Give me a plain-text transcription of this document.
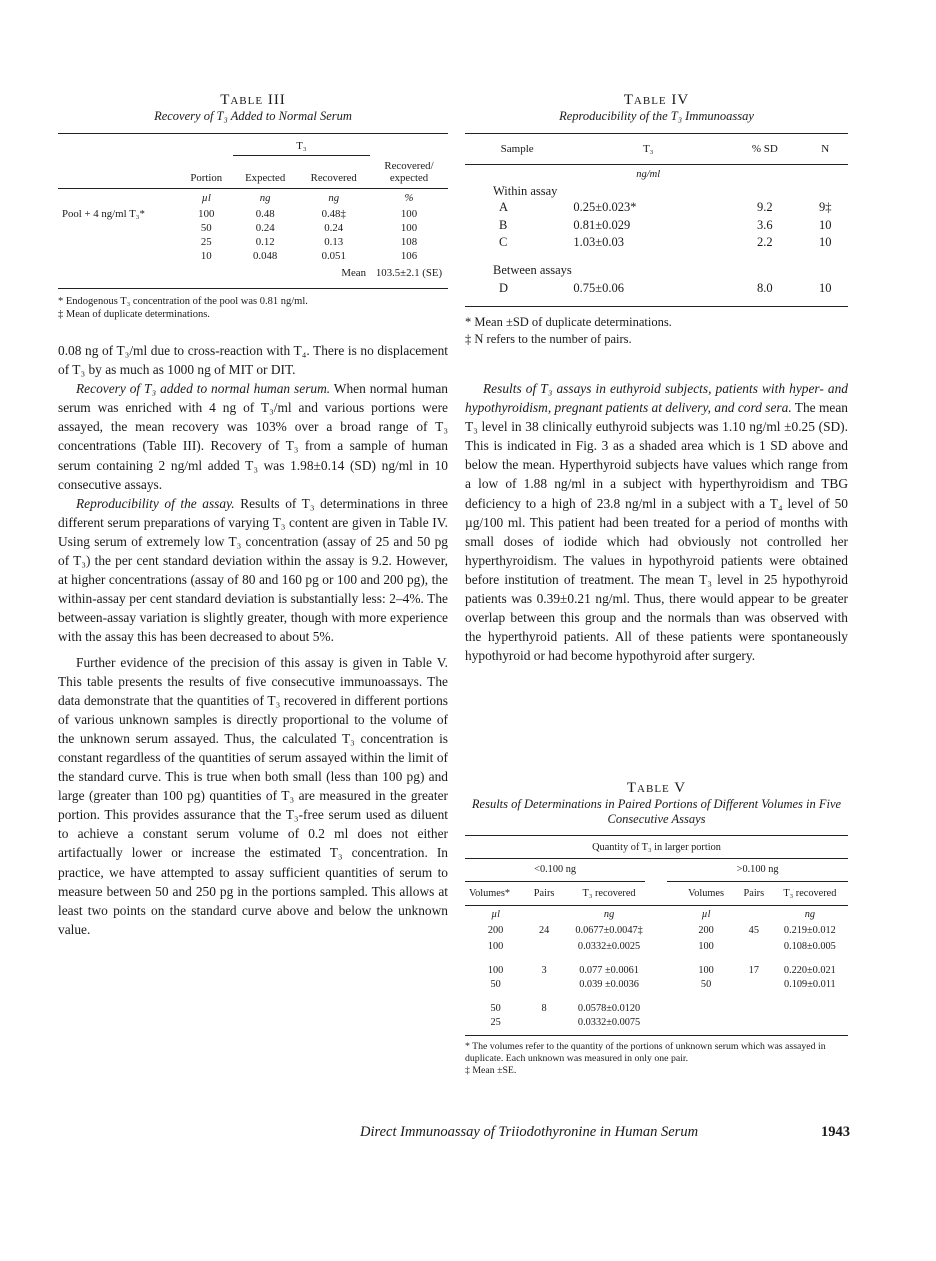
Table III
Recovery of T₃ Added to Normal Serum
		T₃		
	Portion	Expected	Recovered	Recovered/ expected

	µl	ng	ng	%
Pool + 4 ng/ml T₃*	100	0.48	0.48‡	100
	50	0.24	0.24	100
	25	0.12	0.13	108
	10	0.048	0.051	106
			Mean	103.5±2.1 (SE)

* Endogenous T₃ concentration of the pool was 0.81 ng/ml.
‡ Mean of duplicate determinations.
Table IV
Reproducibility of the T₃ Immunoassay
Sample	T₃	% SD	N

	ng/ml		
Within assay			
A	0.25±0.023*	9.2	9‡
B	0.81±0.029	3.6	10
C	1.03±0.03	2.2	10
Between assays			
D	0.75±0.06	8.0	10

* Mean ±SD of duplicate determinations.
‡ N refers to the number of pairs.

0.08 ng of T₃/ml due to cross-reaction with T₄. There is no displacement of T₃ by as much as 1000 ng of MIT or DIT.

Recovery of T₃ added to normal human serum. When normal human serum was enriched with 4 ng of T₃/ml and various portions were assayed, the mean recovery was 103% over a broad range of T₃ concentrations (Table III). Recovery of T₃ from a sample of human serum containing 2 ng/ml added T₃ was 1.98±0.14 (SD) ng/ml in 10 consecutive assays.

Reproducibility of the assay. Results of T₃ determinations in three different serum preparations of varying T₃ content are given in Table IV. Using serum of extremely low T₃ concentration (assay of 25 and 50 pg of T₃) the per cent standard deviation within the assay is 9.2. However, at higher concentrations (assay of 80 and 160 pg or 100 and 200 pg), the within-assay per cent standard deviation is substantially less: 2–4%. The between-assay variation is slightly greater, though with more experience with the assay this has been decreased to about 5%.

Further evidence of the precision of this assay is given in Table V. This table presents the results of five consecutive immunoassays. The data demonstrate that the quantities of T₃ recovered in different portions of various unknown samples is directly proportional to the volume of the unknown serum assayed. Thus, the calculated T₃ concentration is constant regardless of the quantities of serum assayed within the limit of the standard curve. This is true when both small (less than 100 pg) and large (greater than 100 pg) quantities of T₃ are measured in the greater portion. This provides assurance that the T₃-free serum used as diluent to achieve a constant serum volume of 0.2 ml does not either artifactually lower or increase the estimated T₃ concentration. In practice, we have attempted to assay sufficient quantities of serum to measure between 50 and 250 pg in the portions sampled. This allows at least two points on the standard curve above and below the unknown value.

Results of T₃ assays in euthyroid subjects, patients with hyper- and hypothyroidism, pregnant patients at delivery, and cord sera. The mean T₃ level in 38 clinically euthyroid subjects was 1.10 ng/ml ±0.25 (SD). This is indicated in Fig. 3 as a shaded area which is 1 SD above and below the mean. Hyperthyroid subjects have values which range from a low of 1.88 ng/ml in a subject with hyperthyroidism and TBG deficiency to a high of 23.8 ng/ml in a subject with a T₄ level of 50 µg/100 ml. This patient had been treated for a period of months with small doses of iodide which had obviously not controlled her hyperthyroidism. The values in hypothyroid patients were obtained before institution of treatment. The mean T₃ level in 25 hypothyroid patients was 0.39±0.21 ng/ml. Thus, there would appear to be greater overlap between this group and the normals than was observed with the hyperthyroid patients. All of these patients were spontaneously hypothyroid or had become hypothyroid after surgery.

Table V
Results of Determinations in Paired Portions of Different Volumes in Five Consecutive Assays
Quantity of T₃ in larger portion					

<0.100 ng			>0.100 ng		
Volumes*	Pairs	T₃ recovered	Volumes	Pairs	T₃ recovered

µl		ng	µl		ng
200	24	0.0677±0.0047‡	200	45	0.219±0.012
100		0.0332±0.0025	100		0.108±0.005
100	3	0.077 ±0.0061	100	17	0.220±0.021
50		0.039 ±0.0036	50		0.109±0.011
50	8	0.0578±0.0120			
25		0.0332±0.0075			

* The volumes refer to the quantity of the portions of unknown serum which was assayed in duplicate. Each unknown was measured in only one pair.
‡ Mean ±SE.
Direct Immunoassay of Triiodothyronine in Human Serum	1943
